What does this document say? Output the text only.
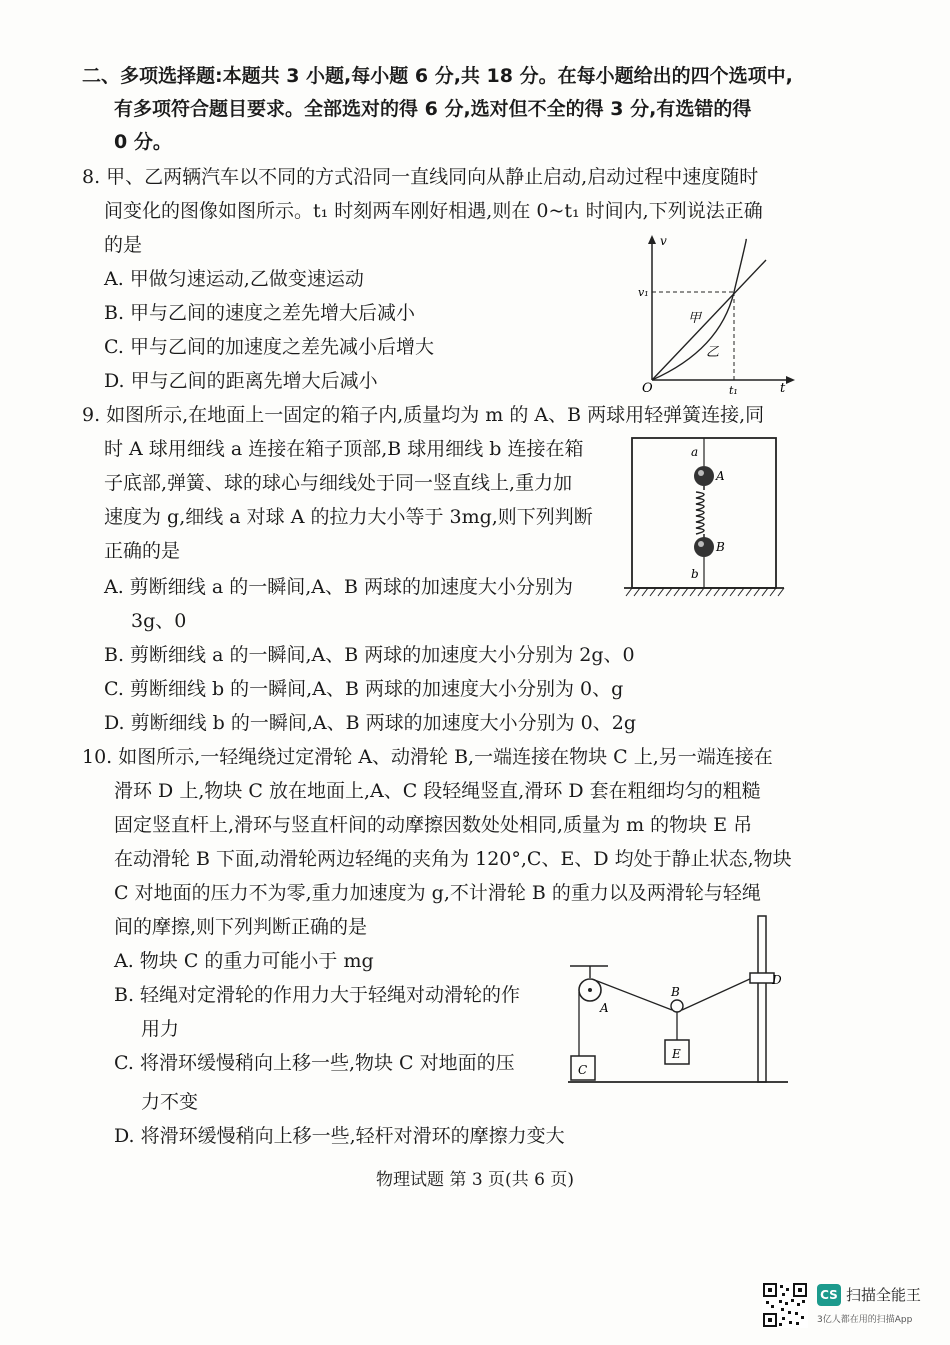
二、多项选择题:本题共 3 小题,每小题 6 分,共 18 分。在每小题给出的四个选项中,
有多项符合题目要求。全部选对的得 6 分,选对但不全的得 3 分,有选错的得
0 分。
8. 甲、乙两辆汽车以不同的方式沿同一直线同向从静止启动,启动过程中速度随时
间变化的图像如图所示。t₁ 时刻两车刚好相遇,则在 0~t₁ 时间内,下列说法正确
的是
A. 甲做匀速运动,乙做变速运动
B. 甲与乙间的速度之差先增大后减小
C. 甲与乙间的加速度之差先减小后增大
D. 甲与乙间的距离先增大后减小
v
t
v₁
t₁
O
甲
乙
9. 如图所示,在地面上一固定的箱子内,质量均为 m 的 A、B 两球用轻弹簧连接,同
时 A 球用细线 a 连接在箱子顶部,B 球用细线 b 连接在箱
子底部,弹簧、球的球心与细线处于同一竖直线上,重力加
速度为 g,细线 a 对球 A 的拉力大小等于 3mg,则下列判断
正确的是
A. 剪断细线 a 的一瞬间,A、B 两球的加速度大小分别为
3g、0
B. 剪断细线 a 的一瞬间,A、B 两球的加速度大小分别为 2g、0
C. 剪断细线 b 的一瞬间,A、B 两球的加速度大小分别为 0、g
D. 剪断细线 b 的一瞬间,A、B 两球的加速度大小分别为 0、2g
a
A
B
b
10. 如图所示,一轻绳绕过定滑轮 A、动滑轮 B,一端连接在物块 C 上,另一端连接在
滑环 D 上,物块 C 放在地面上,A、C 段轻绳竖直,滑环 D 套在粗细均匀的粗糙
固定竖直杆上,滑环与竖直杆间的动摩擦因数处处相同,质量为 m 的物块 E 吊
在动滑轮 B 下面,动滑轮两边轻绳的夹角为 120°,C、E、D 均处于静止状态,物块
C 对地面的压力不为零,重力加速度为 g,不计滑轮 B 的重力以及两滑轮与轻绳
间的摩擦,则下列判断正确的是
A. 物块 C 的重力可能小于 mg
B. 轻绳对定滑轮的作用力大于轻绳对动滑轮的作
用力
C. 将滑环缓慢稍向上移一些,物块 C 对地面的压
力不变
D. 将滑环缓慢稍向上移一些,轻杆对滑环的摩擦力变大
A
B
C
D
E
物理试题 第 3 页(共 6 页)
CS 扫描全能王
3亿人都在用的扫描App
